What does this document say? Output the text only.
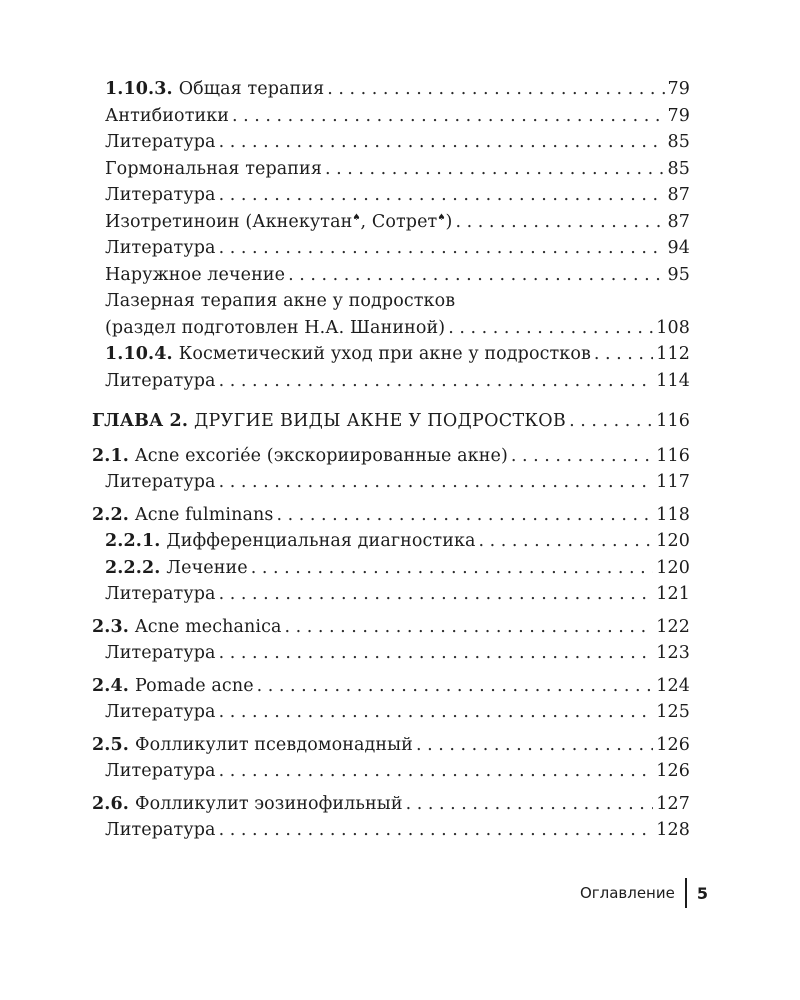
1.10.3. Общая терапия . . .	79
Антибиотики . . .	79
Литература . . .	85
Гормональная терапия . . .	85
Литература . . .	87
Изотретиноин (Акнекутан♠, Сотрет♠) . . .	87
Литература . . .	94
Наружное лечение . . .	95
Лазерная терапия акне у подростков
(раздел подготовлен Н.А. Шаниной) . . .	108
1.10.4. Косметический уход при акне у подростков . . .	112
Литература . . .	114
ГЛАВА 2. ДРУГИЕ ВИДЫ АКНЕ У ПОДРОСТКОВ . . .	116
2.1. Acne excoriée (экскориированные акне) . . .	116
Литература . . .	117
2.2. Acne fulminans . . .	118
2.2.1. Дифференциальная диагностика . . .	120
2.2.2. Лечение . . .	120
Литература . . .	121
2.3. Acne mechanica . . .	122
Литература . . .	123
2.4. Pomade acne . . .	124
Литература . . .	125
2.5. Фолликулит псевдомонадный . . .	126
Литература . . .	126
2.6. Фолликулит эозинофильный . . .	127
Литература . . .	128
Оглавление	5
